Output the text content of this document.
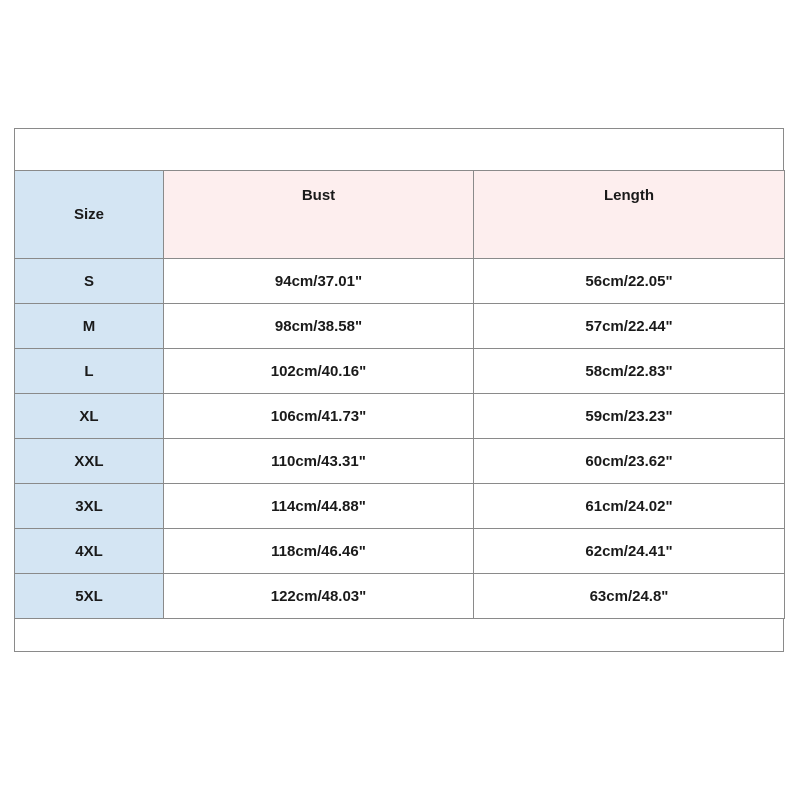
Size	Bust	Length
S	94cm/37.01"	56cm/22.05"
M	98cm/38.58"	57cm/22.44"
L	102cm/40.16"	58cm/22.83"
XL	106cm/41.73"	59cm/23.23"
XXL	110cm/43.31"	60cm/23.62"
3XL	114cm/44.88"	61cm/24.02"
4XL	118cm/46.46"	62cm/24.41"
5XL	122cm/48.03"	63cm/24.8"
